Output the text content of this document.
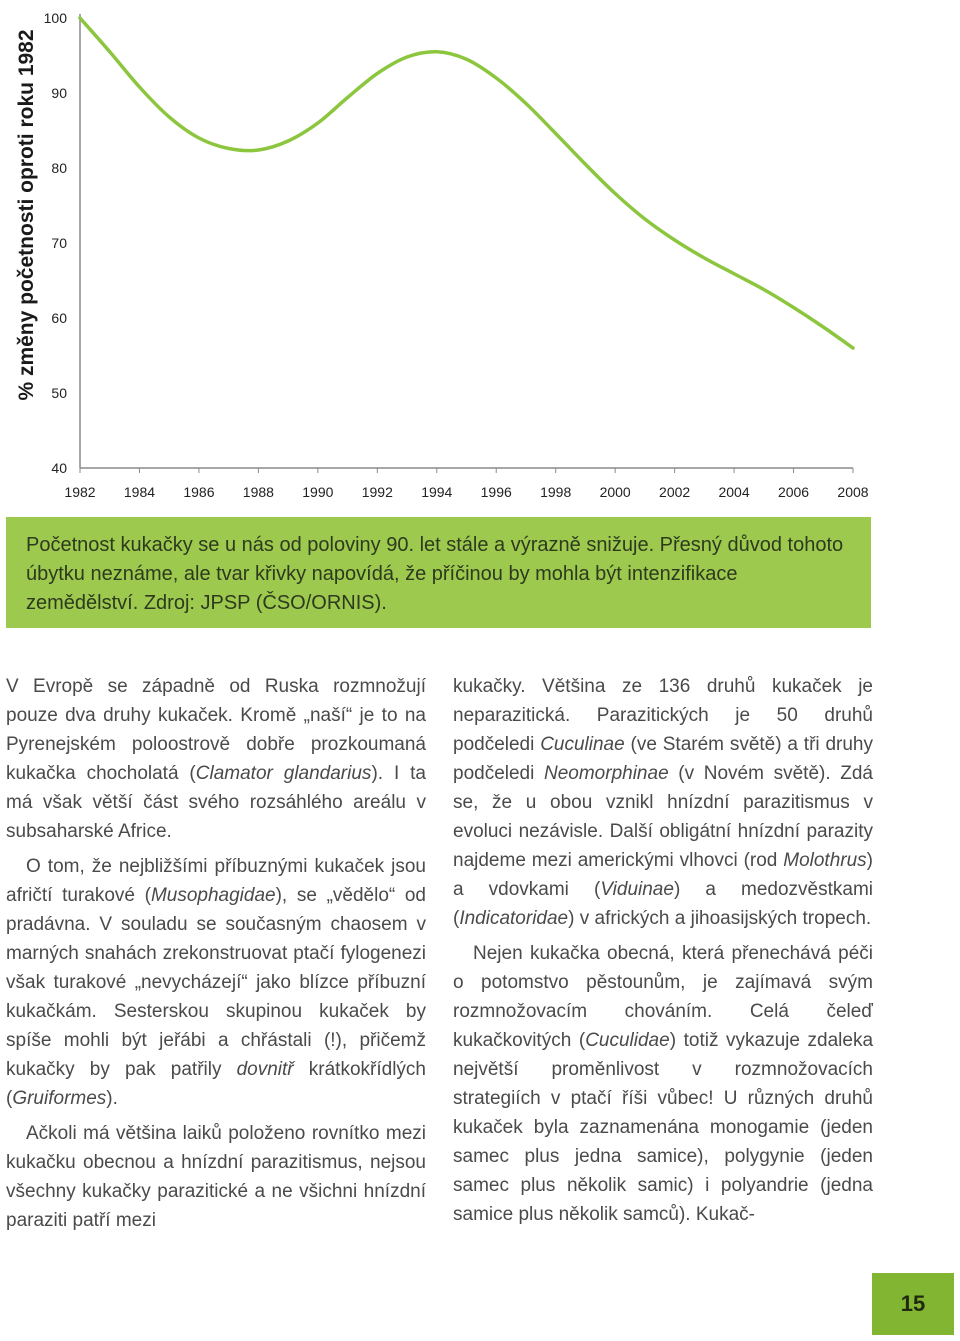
% změny početnosti oproti roku 1982
100
90
80
70
60
50
40
1982 1984 1986 1988 1990 1992 1994 1996 1998 2000 2002 2004 2006 2008
Početnost kukačky se u nás od poloviny 90. let stále a výrazně snižuje. Přesný důvod tohoto úbytku neznáme, ale tvar křivky napovídá, že příčinou by mohla být intenzifikace zemědělství. Zdroj: JPSP (ČSO/ORNIS).

V Evropě se západně od Ruska rozmnožují pouze dva druhy kukaček. Kromě „naší“ je to na Pyrenejském poloostrově dobře prozkoumaná kukačka chocholatá (Clamator glandarius). I ta má však větší část svého rozsáhlého areálu v subsaharské Africe.

O tom, že nejbližšími příbuznými kukaček jsou afričtí turakové (Musophagidae), se „vědělo“ od pradávna. V souladu se současným chaosem v marných snahách zrekonstruovat ptačí fylogenezi však turakové „nevycházejí“ jako blízce příbuzní kukačkám. Sesterskou skupinou kukaček by spíše mohli být jeřábi a chřástali (!), přičemž kukačky by pak patřily dovnitř krátkokřídlých (Gruiformes).

Ačkoli má většina laiků položeno rovnítko mezi kukačku obecnou a hnízdní parazitismus, nejsou všechny kukačky parazitické a ne všichni hnízdní paraziti patří mezi

kukačky. Většina ze 136 druhů kukaček je neparazitická. Parazitických je 50 druhů podčeledi Cuculinae (ve Starém světě) a tři druhy podčeledi Neomorphinae (v Novém světě). Zdá se, že u obou vznikl hnízdní parazitismus v evoluci nezávisle. Další obligátní hnízdní parazity najdeme mezi americkými vlhovci (rod Molothrus) a vdovkami (Viduinae) a medozvěstkami (Indicatoridae) v afrických a jihoasijských tropech.

Nejen kukačka obecná, která přenechává péči o potomstvo pěstounům, je zajímavá svým rozmnožovacím chováním. Celá čeleď kukačkovitých (Cuculidae) totiž vykazuje zdaleka největší proměnlivost v rozmnožovacích strategiích v ptačí říši vůbec! U různých druhů kukaček byla zaznamenána monogamie (jeden samec plus jedna samice), polygynie (jeden samec plus několik samic) i polyandrie (jedna samice plus několik samců). Kukač-

15
